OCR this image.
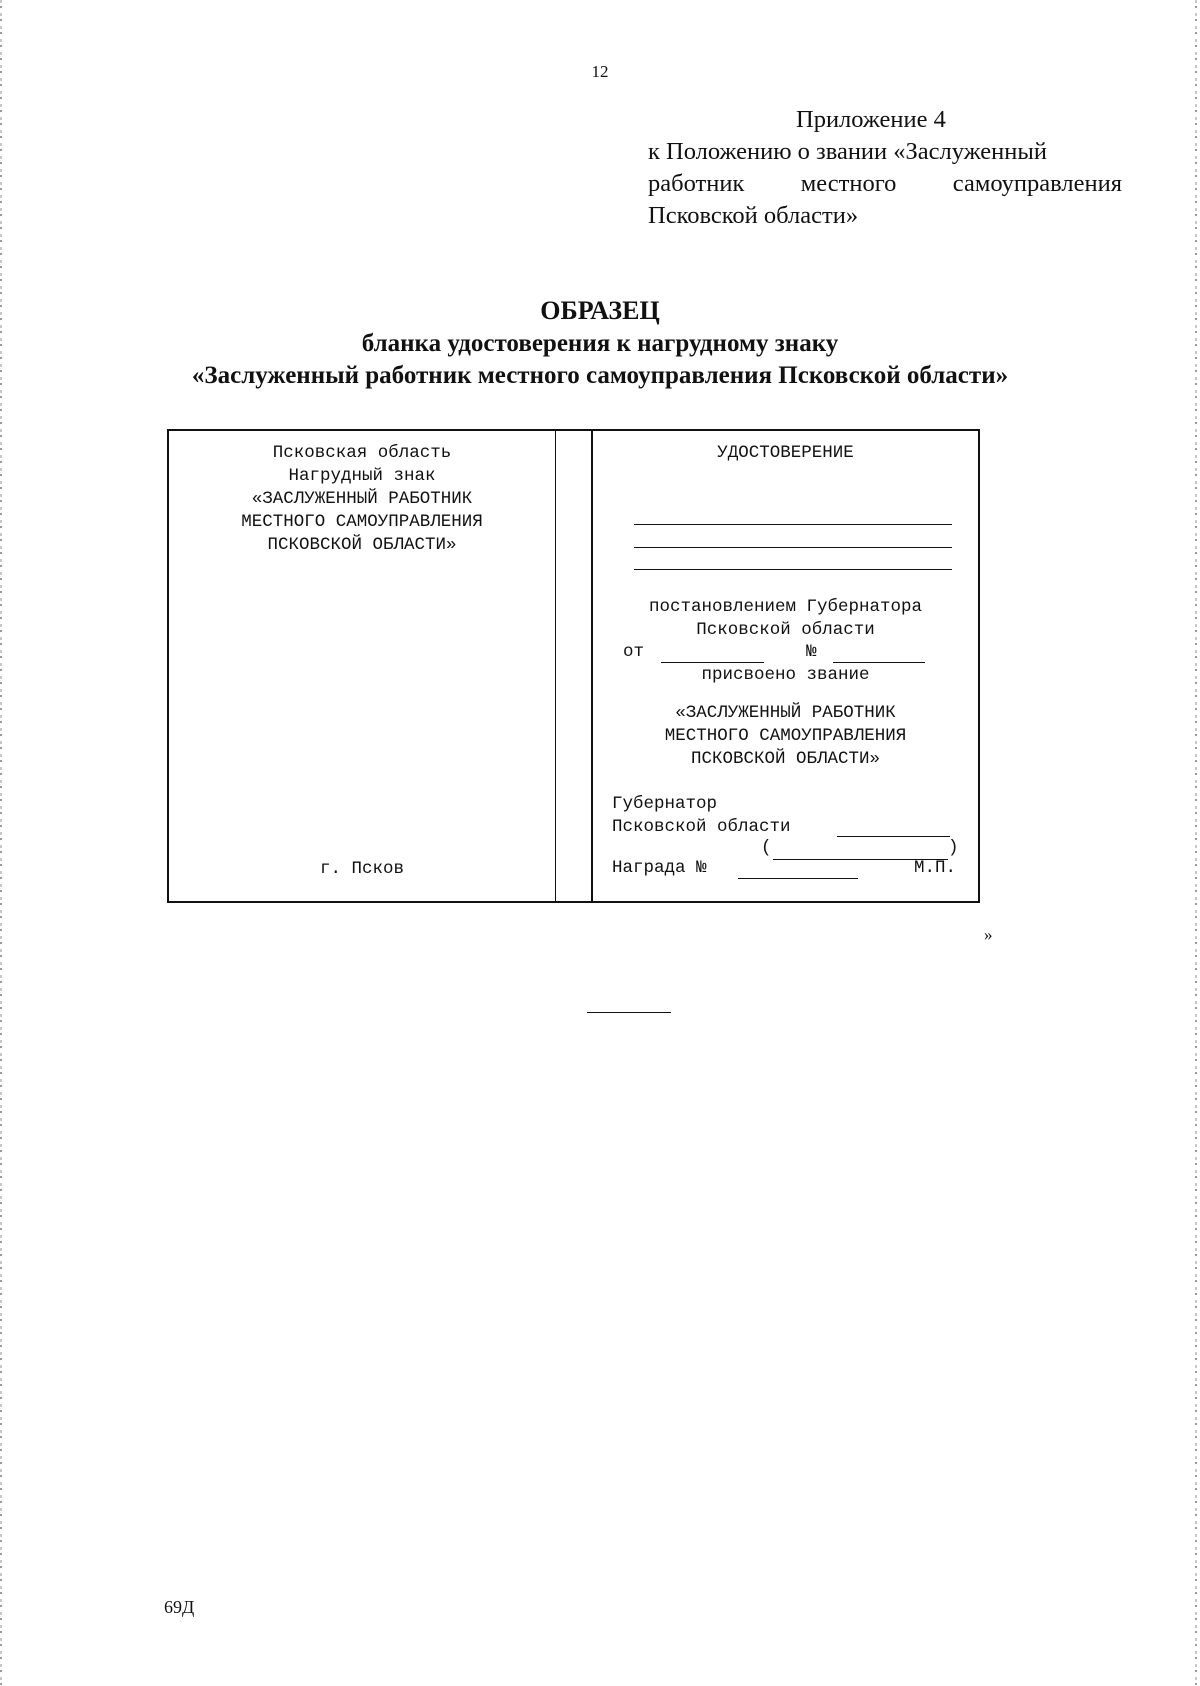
12
Приложение 4
к Положению о звании «Заслуженный
работник местного самоуправления
Псковской области»
ОБРАЗЕЦ
бланка удостоверения к нагрудному знаку
«Заслуженный работник местного самоуправления Псковской области»
Псковская область
Нагрудный знак
«ЗАСЛУЖЕННЫЙ РАБОТНИК
МЕСТНОГО САМОУПРАВЛЕНИЯ
ПСКОВСКОЙ ОБЛАСТИ»
г. Псков
УДОСТОВЕРЕНИЕ
постановлением Губернатора
Псковской области
от	№
присвоено звание
«ЗАСЛУЖЕННЫЙ РАБОТНИК
МЕСТНОГО САМОУПРАВЛЕНИЯ
ПСКОВСКОЙ ОБЛАСТИ»
Губернатор
Псковской области
(	)
Награда №	М.П.
»
69Д
